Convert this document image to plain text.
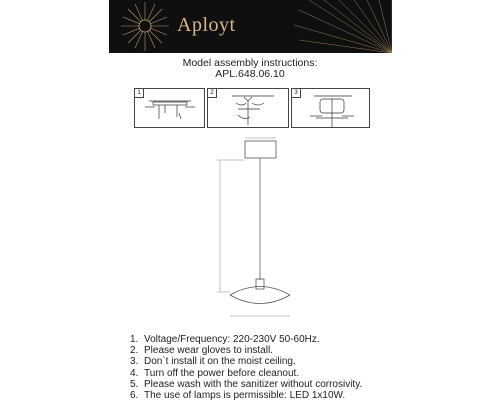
Aployt
Model assembly instructions:
APL.648.06.10
1	2	3
1. Voltage/Frequency: 220-230V 50-60Hz.
2. Please wear gloves to install.
3. Don`t install it on the moist ceiling.
4. Turn off the power before cleanout.
5. Please wash with the sanitizer without corrosivity.
6. The use of lamps is permissible: LED 1x10W.
